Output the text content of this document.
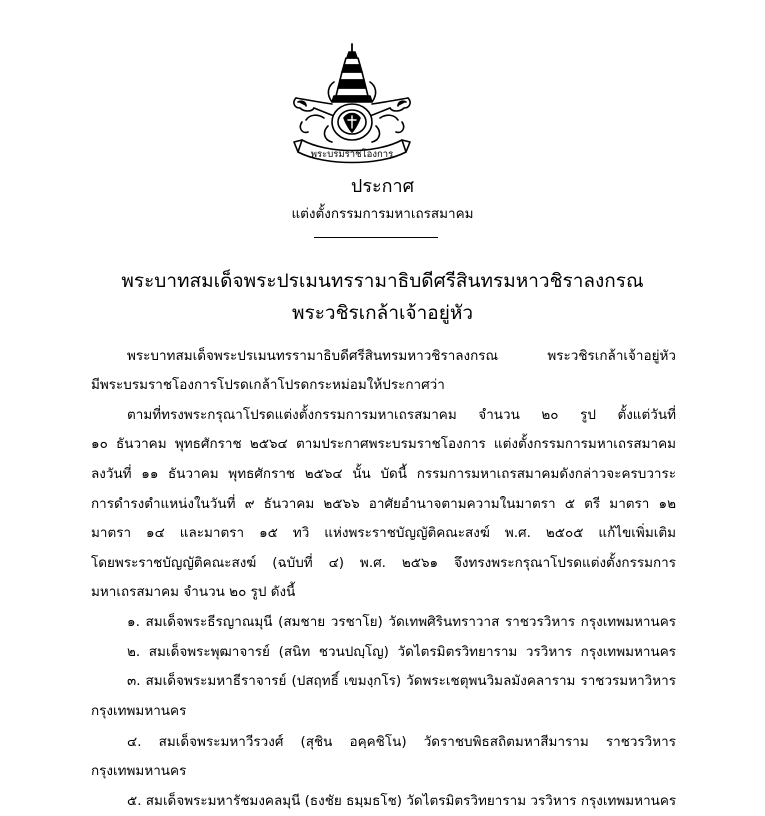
พระบรมราชโองการ
ประกาศ
แต่งตั้งกรรมการมหาเถรสมาคม
พระบาทสมเด็จพระปรเมนทรรามาธิบดีศรีสินทรมหาวชิราลงกรณ
พระวชิรเกล้าเจ้าอยู่หัว
พระบาทสมเด็จพระปรเมนทรรามาธิบดีศรีสินทรมหาวชิราลงกรณ พระวชิรเกล้าเจ้าอยู่หัว
มีพระบรมราชโองการโปรดเกล้าโปรดกระหม่อมให้ประกาศว่า
ตามที่ทรงพระกรุณาโปรดแต่งตั้งกรรมการมหาเถรสมาคม จำนวน ๒๐ รูป ตั้งแต่วันที่
๑๐ ธันวาคม พุทธศักราช ๒๕๖๔ ตามประกาศพระบรมราชโองการ แต่งตั้งกรรมการมหาเถรสมาคม
ลงวันที่ ๑๑ ธันวาคม พุทธศักราช ๒๕๖๔ นั้น บัดนี้ กรรมการมหาเถรสมาคมดังกล่าวจะครบวาระ
การดำรงตำแหน่งในวันที่ ๙ ธันวาคม ๒๕๖๖ อาศัยอำนาจตามความในมาตรา ๕ ตรี มาตรา ๑๒
มาตรา ๑๔ และมาตรา ๑๕ ทวิ แห่งพระราชบัญญัติคณะสงฆ์ พ.ศ. ๒๕๐๕ แก้ไขเพิ่มเติม
โดยพระราชบัญญัติคณะสงฆ์ (ฉบับที่ ๔) พ.ศ. ๒๕๖๑ จึงทรงพระกรุณาโปรดแต่งตั้งกรรมการ
มหาเถรสมาคม จำนวน ๒๐ รูป ดังนี้
๑. สมเด็จพระธีรญาณมุนี (สมชาย วรชาโย) วัดเทพศิรินทราวาส ราชวรวิหาร กรุงเทพมหานคร
๒. สมเด็จพระพุฒาจารย์ (สนิท ชวนปญฺโญ) วัดไตรมิตรวิทยาราม วรวิหาร กรุงเทพมหานคร
๓. สมเด็จพระมหาธีราจารย์ (ปสฤทธิ์ เขมงฺกโร) วัดพระเชตุพนวิมลมังคลาราม ราชวรมหาวิหาร
กรุงเทพมหานคร
๔. สมเด็จพระมหาวีรวงศ์ (สุชิน อคฺคชิโน) วัดราชบพิธสถิตมหาสีมาราม ราชวรวิหาร
กรุงเทพมหานคร
๕. สมเด็จพระมหารัชมงคลมุนี (ธงชัย ธมฺมธโช) วัดไตรมิตรวิทยาราม วรวิหาร กรุงเทพมหานคร
